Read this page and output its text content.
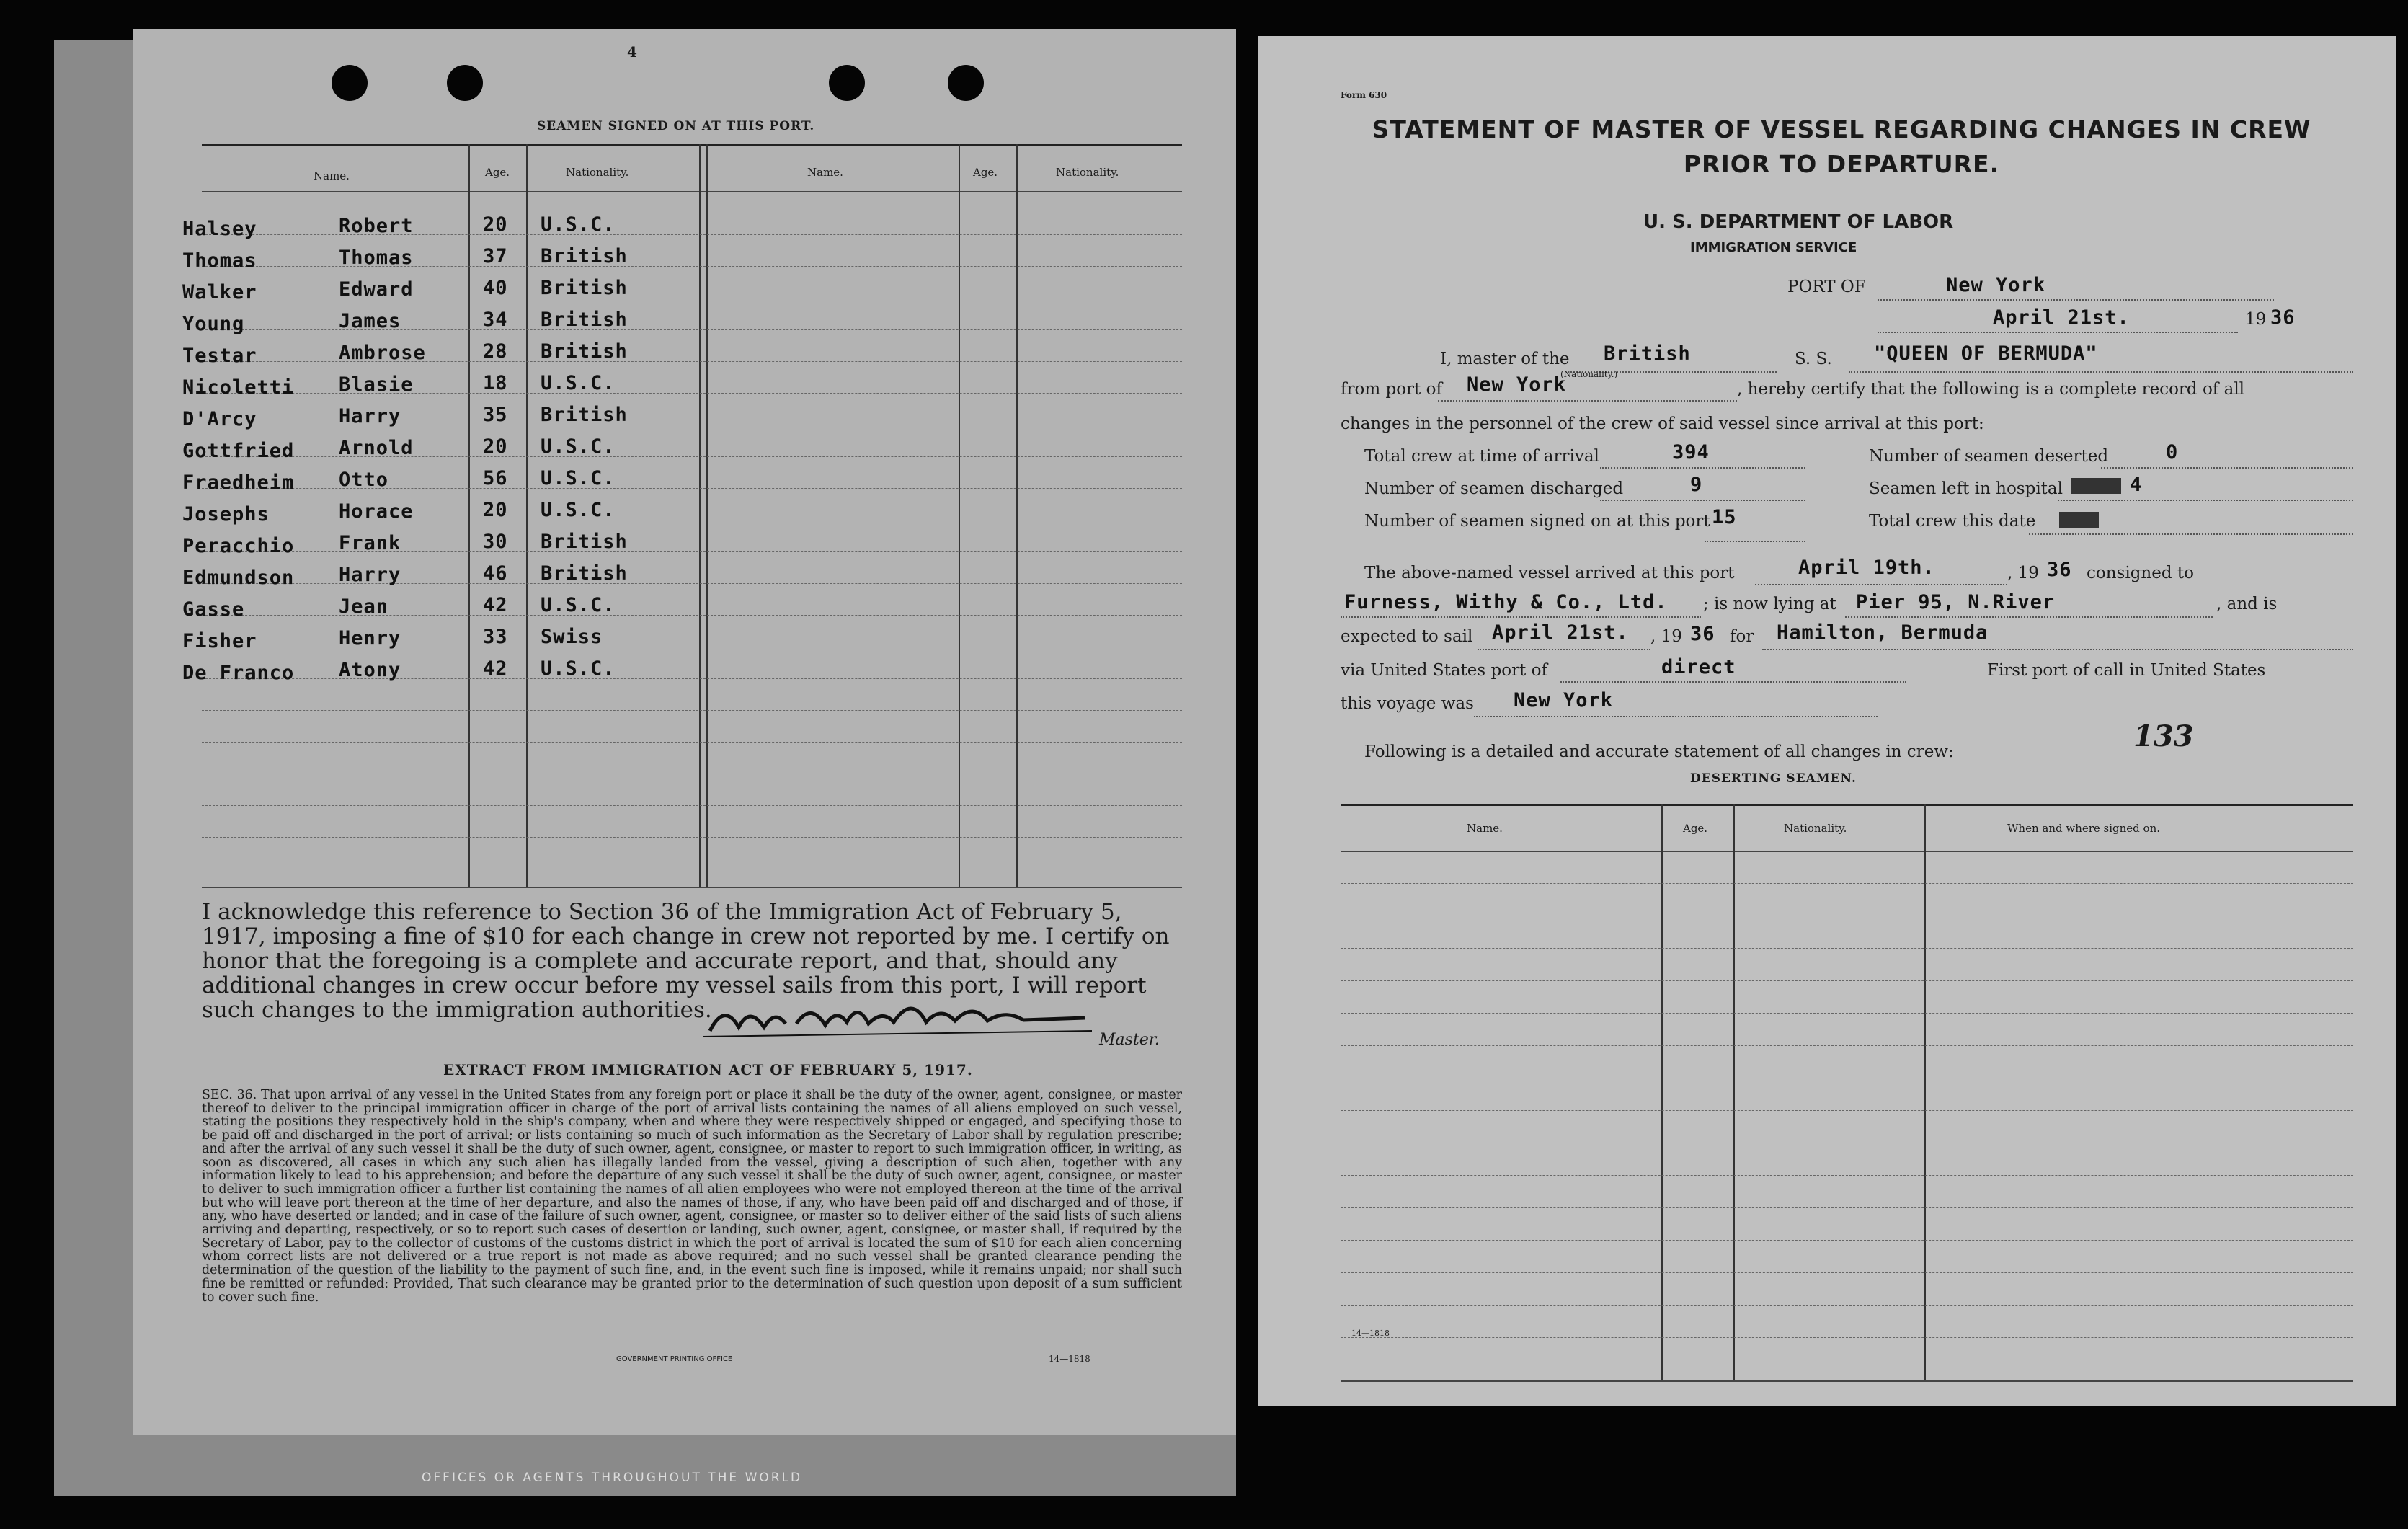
4
SEAMEN SIGNED ON AT THIS PORT.
Name.	Age.	Nationality.	Name.	Age.	Nationality.
Halsey	Robert	20 U.S.C.
Thomas	Thomas	37 British
Walker	Edward	40 British
Young	James	34 British
Testar	Ambrose	28 British
Nicoletti Blasie	18 U.S.C.
D'Arcy	Harry	35 British
Gottfried Arnold	20 U.S.C.
Fraedheim Otto	56 U.S.C.
Josephs	Horace	20 U.S.C.
Peracchio Frank	30 British
Edmundson Harry	46 British
Gasse	Jean	42 U.S.C.
Fisher	Henry	33 Swiss
De Franco Atony	42 U.S.C.
I acknowledge this reference to Section 36 of the Immigration Act of February 5, 1917, imposing a fine of $10 for each change in crew not reported by me. I certify on honor that the foregoing is a complete and accurate report, and that, should any additional changes in crew occur before my vessel sails from this port, I will report such changes to the immigration authorities.
Master.
EXTRACT FROM IMMIGRATION ACT OF FEBRUARY 5, 1917.
SEC. 36. That upon arrival of any vessel in the United States from any foreign port or place it shall be the duty of the owner, agent, consignee, or master thereof to deliver to the principal immigration officer in charge of the port of arrival lists containing the names of all aliens employed on such vessel, stating the positions they respectively hold in the ship's company, when and where they were respectively shipped or engaged, and specifying those to be paid off and discharged in the port of arrival; or lists containing so much of such information as the Secretary of Labor shall by regulation prescribe; and after the arrival of any such vessel it shall be the duty of such owner, agent, consignee, or master to report to such immigration officer, in writing, as soon as discovered, all cases in which any such alien has illegally landed from the vessel, giving a description of such alien, together with any information likely to lead to his apprehension; and before the departure of any such vessel it shall be the duty of such owner, agent, consignee, or master to deliver to such immigration officer a further list containing the names of all alien employees who were not employed thereon at the time of the arrival but who will leave port thereon at the time of her departure, and also the names of those, if any, who have been paid off and discharged and of those, if any, who have deserted or landed; and in case of the failure of such owner, agent, consignee, or master so to deliver either of the said lists of such aliens arriving and departing, respectively, or so to report such cases of desertion or landing, such owner, agent, consignee, or master shall, if required by the Secretary of Labor, pay to the collector of customs of the customs district in which the port of arrival is located the sum of $10 for each alien concerning whom correct lists are not delivered or a true report is not made as above required; and no such vessel shall be granted clearance pending the determination of the question of the liability to the payment of such fine, and, in the event such fine is imposed, while it remains unpaid; nor shall such fine be remitted or refunded: Provided, That such clearance may be granted prior to the determination of such question upon deposit of a sum sufficient to cover such fine.
GOVERNMENT PRINTING OFFICE	14—1818
OFFICES OR AGENTS THROUGHOUT THE WORLD
Form 630
STATEMENT OF MASTER OF VESSEL REGARDING CHANGES IN CREW
PRIOR TO DEPARTURE.
U. S. DEPARTMENT OF LABOR
IMMIGRATION SERVICE
PORT OF	New York
April 21st.	19 36
I, master of the British	S. S. "QUEEN OF BERMUDA"
from port of New York
(Nationality.)
, hereby certify that the following is a complete record of all
changes in the personnel of the crew of said vessel since arrival at this port:
Total crew at time of arrival	394	Number of seamen deserted	0
Number of seamen discharged	9	Seamen left in hospital	4
Number of seamen signed on at this port 15	Total crew this date
The above-named vessel arrived at this port	April 19th.	, 19 36 consigned to
Furness, Withy & Co., Ltd. ; is now lying at Pier 95, N.River	, and is
expected to sail April 21st. , 19 36 for Hamilton, Bermuda
via United States port of	direct	First port of call in United States
this voyage was New York
133
Following is a detailed and accurate statement of all changes in crew:
DESERTING SEAMEN.
Name.	Age.	Nationality.	When and where signed on.
14—1818
